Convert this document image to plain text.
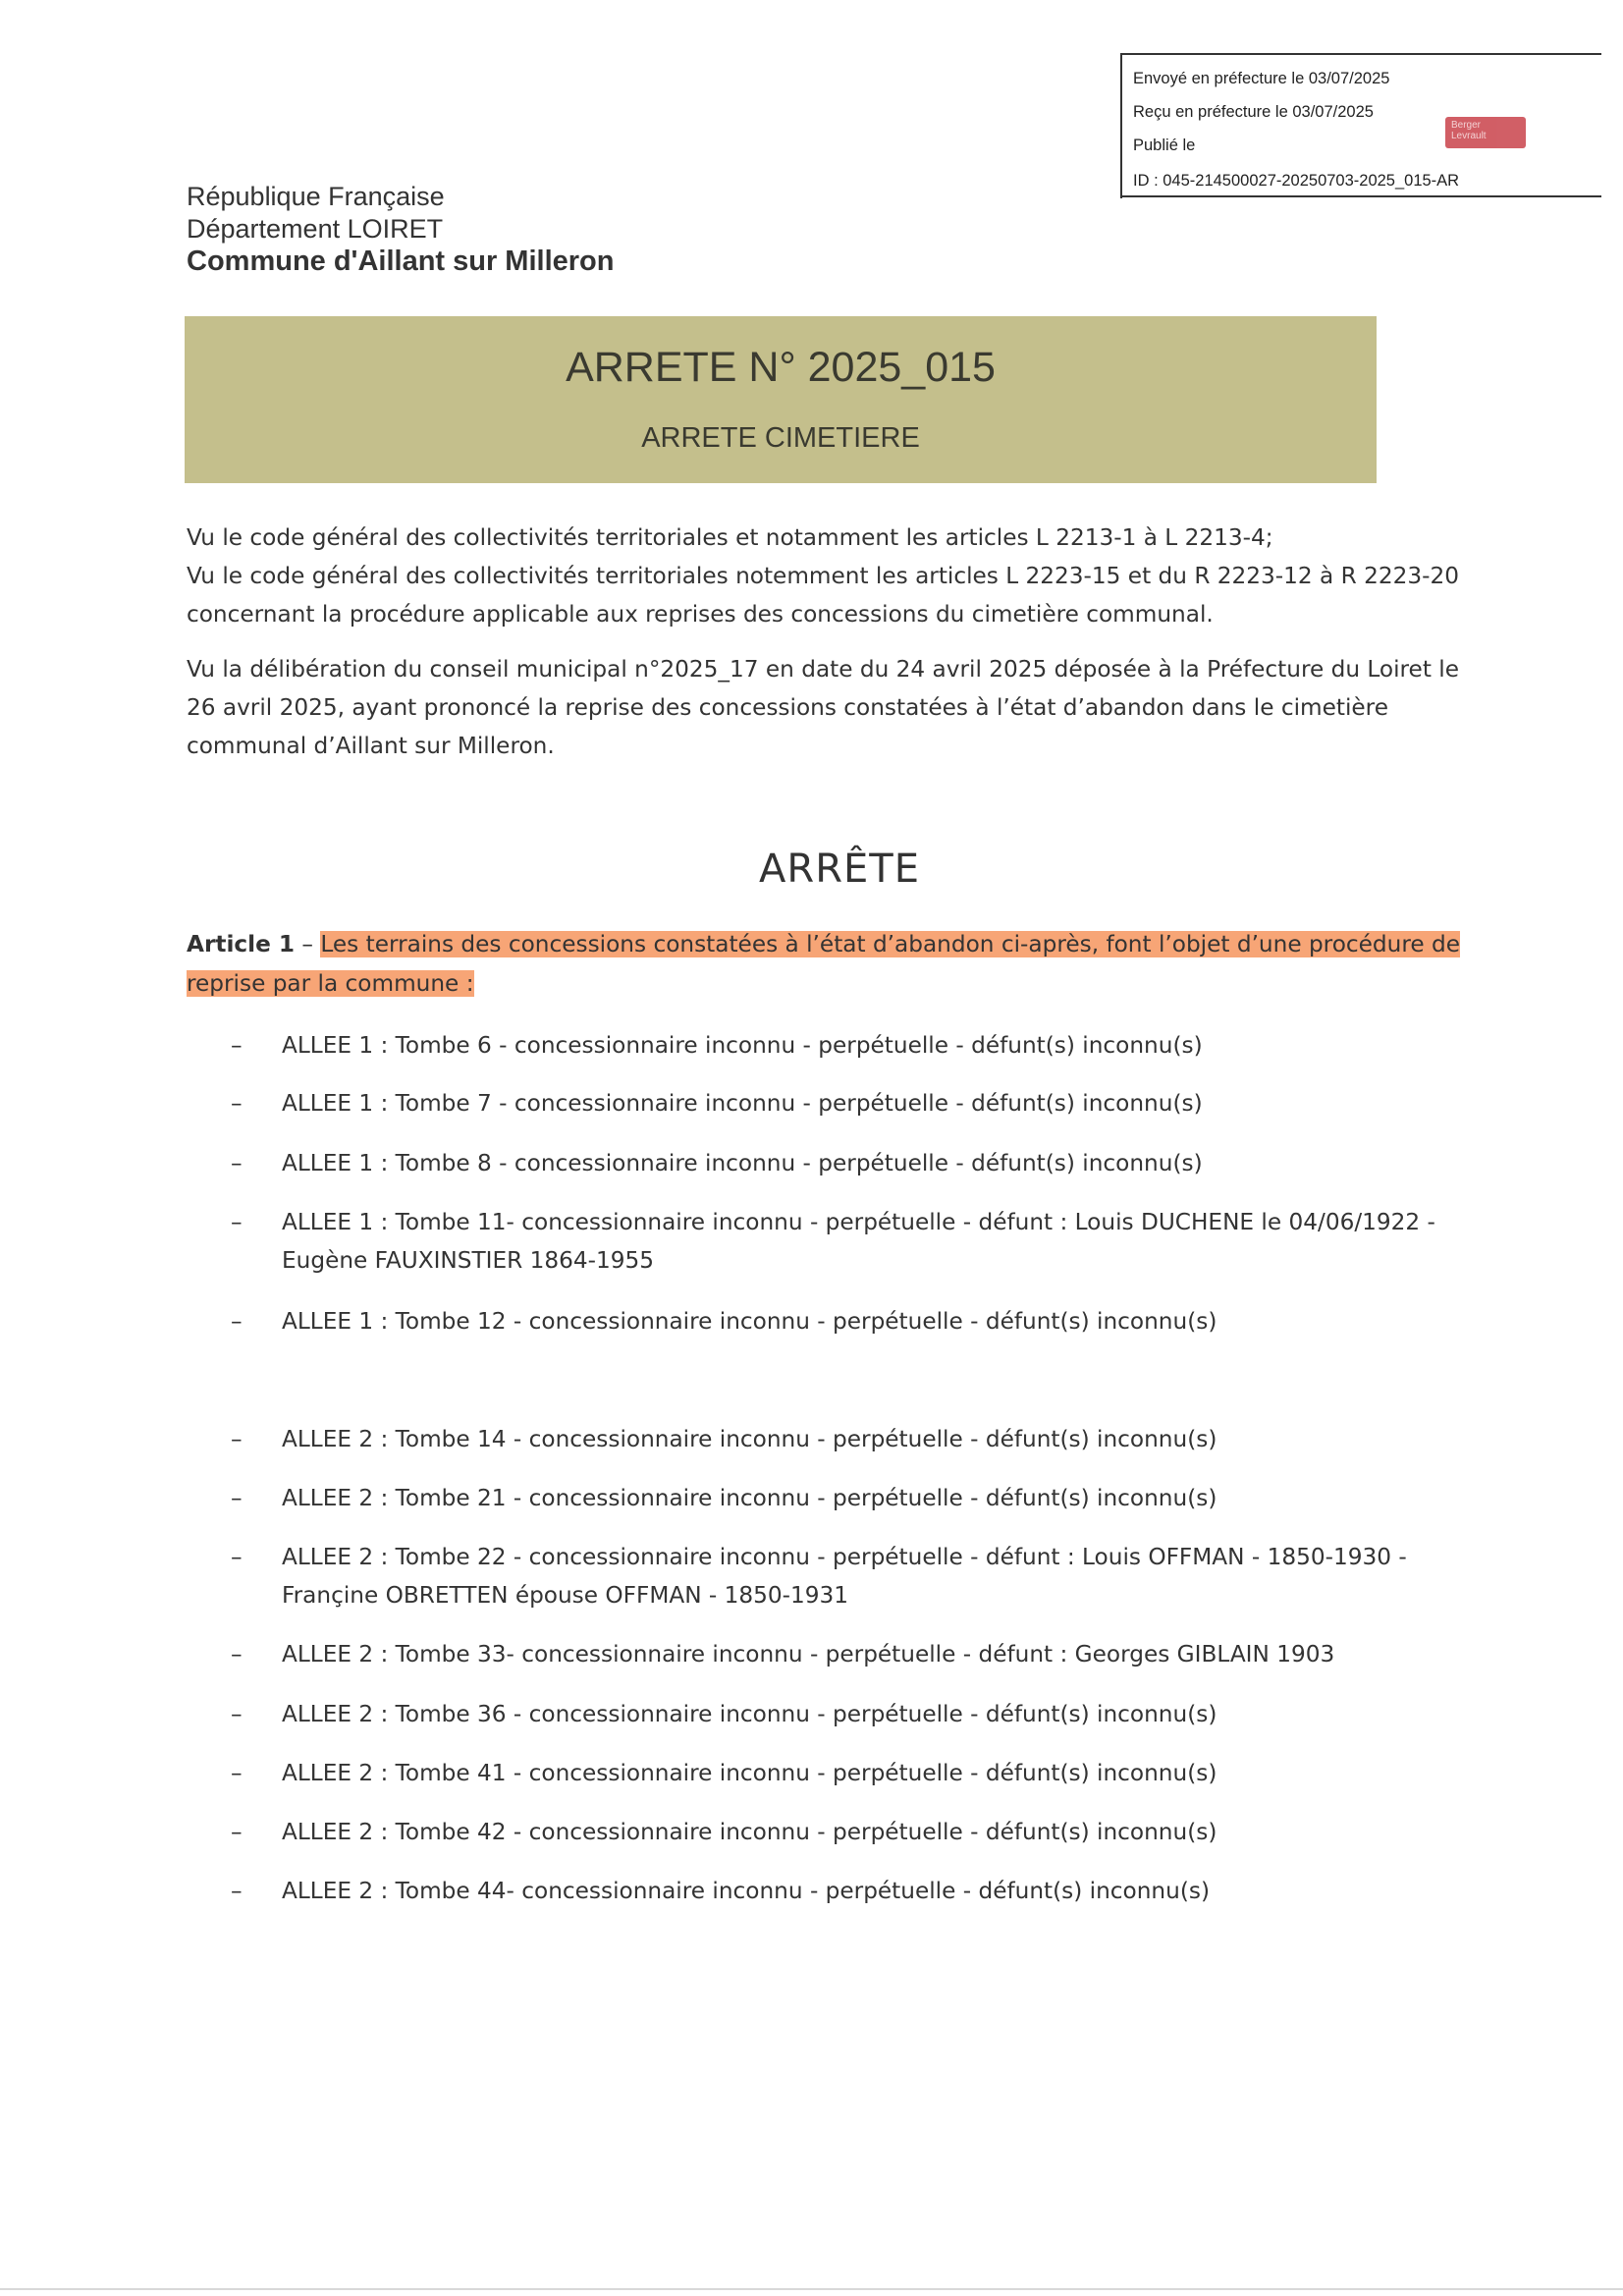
Envoyé en préfecture le 03/07/2025
Reçu en préfecture le 03/07/2025
Publié le
ID : 045-214500027-20250703-2025_015-AR
Berger
Levrault
République Française
Département LOIRET
Commune d'Aillant sur Milleron
ARRETE N° 2025_015
ARRETE CIMETIERE
Vu le code général des collectivités territoriales et notamment les articles L 2213-1 à L 2213-4;
Vu le code général des collectivités territoriales notemment les articles L 2223-15 et du R 2223-12 à R 2223-20
concernant la procédure applicable aux reprises des concessions du cimetière communal.
Vu la délibération du conseil municipal n°2025_17 en date du 24 avril 2025 déposée à la Préfecture du Loiret le
26 avril 2025, ayant prononcé la reprise des concessions constatées à l’état d’abandon dans le cimetière
communal d’Aillant sur Milleron.
ARRÊTE
Article 1 – Les terrains des concessions constatées à l’état d’abandon ci-après, font l’objet d’une procédure de
reprise par la commune :
– ALLEE 1 : Tombe 6 - concessionnaire inconnu - perpétuelle - défunt(s) inconnu(s)
– ALLEE 1 : Tombe 7 - concessionnaire inconnu - perpétuelle - défunt(s) inconnu(s)
– ALLEE 1 : Tombe 8 - concessionnaire inconnu - perpétuelle - défunt(s) inconnu(s)
– ALLEE 1 : Tombe 11- concessionnaire inconnu - perpétuelle - défunt : Louis DUCHENE le 04/06/1922 -
Eugène FAUXINSTIER 1864-1955
– ALLEE 1 : Tombe 12 - concessionnaire inconnu - perpétuelle - défunt(s) inconnu(s)
– ALLEE 2 : Tombe 14 - concessionnaire inconnu - perpétuelle - défunt(s) inconnu(s)
– ALLEE 2 : Tombe 21 - concessionnaire inconnu - perpétuelle - défunt(s) inconnu(s)
– ALLEE 2 : Tombe 22 - concessionnaire inconnu - perpétuelle - défunt : Louis OFFMAN - 1850-1930 -
Françine OBRETTEN épouse OFFMAN - 1850-1931
– ALLEE 2 : Tombe 33- concessionnaire inconnu - perpétuelle - défunt : Georges GIBLAIN 1903
– ALLEE 2 : Tombe 36 - concessionnaire inconnu - perpétuelle - défunt(s) inconnu(s)
– ALLEE 2 : Tombe 41 - concessionnaire inconnu - perpétuelle - défunt(s) inconnu(s)
– ALLEE 2 : Tombe 42 - concessionnaire inconnu - perpétuelle - défunt(s) inconnu(s)
– ALLEE 2 : Tombe 44- concessionnaire inconnu - perpétuelle - défunt(s) inconnu(s)
